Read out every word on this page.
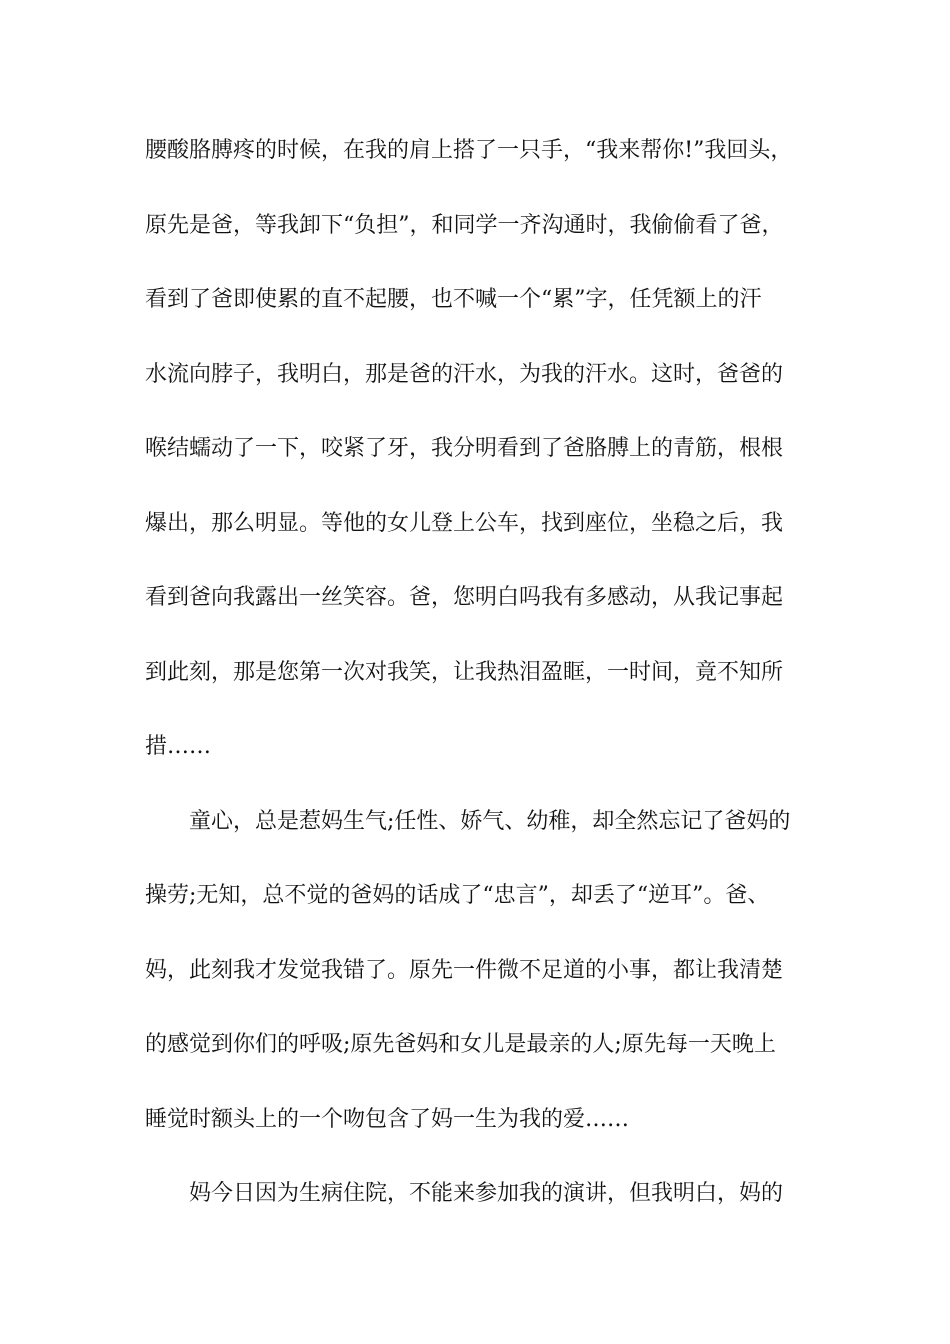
腰酸胳膊疼的时候，在我的肩上搭了一只手，“我来帮你!”我回头，
原先是爸，等我卸下“负担”，和同学一齐沟通时，我偷偷看了爸，
看到了爸即使累的直不起腰，也不喊一个“累”字，任凭额上的汗
水流向脖子，我明白，那是爸的汗水，为我的汗水。这时，爸爸的
喉结蠕动了一下，咬紧了牙，我分明看到了爸胳膊上的青筋，根根
爆出，那么明显。等他的女儿登上公车，找到座位，坐稳之后，我
看到爸向我露出一丝笑容。爸，您明白吗我有多感动，从我记事起
到此刻，那是您第一次对我笑，让我热泪盈眶，一时间，竟不知所
措……
童心，总是惹妈生气;任性、娇气、幼稚，却全然忘记了爸妈的
操劳;无知，总不觉的爸妈的话成了“忠言”，却丢了“逆耳”。爸、
妈，此刻我才发觉我错了。原先一件微不足道的小事，都让我清楚
的感觉到你们的呼吸;原先爸妈和女儿是最亲的人;原先每一天晚上
睡觉时额头上的一个吻包含了妈一生为我的爱……
妈今日因为生病住院，不能来参加我的演讲，但我明白，妈的
